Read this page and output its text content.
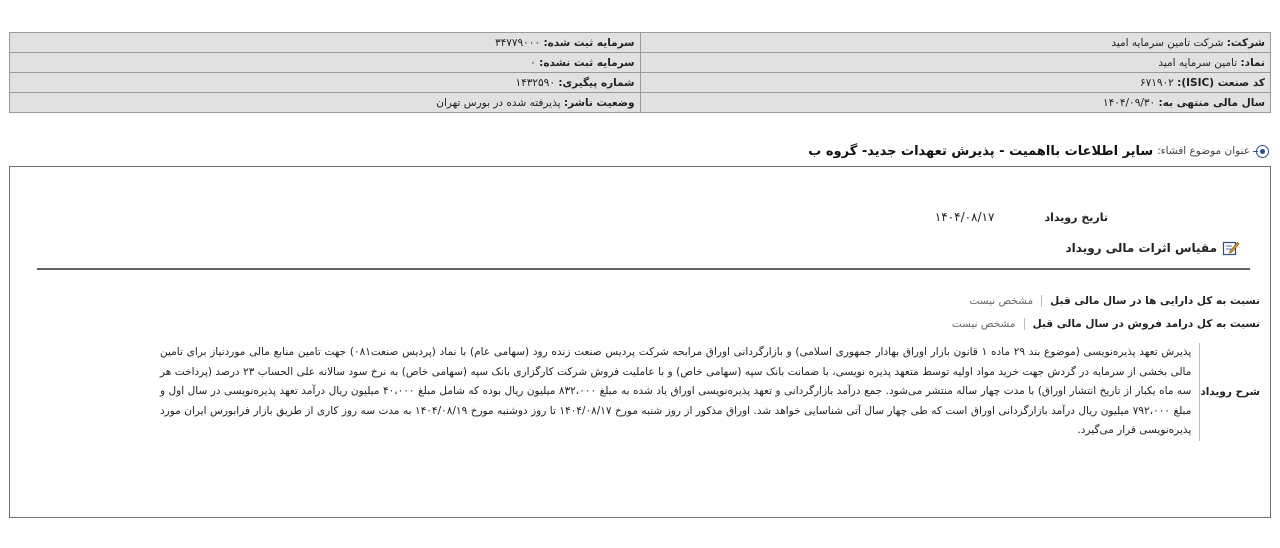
شرکت: شرکت تامین سرمایه امید	سرمایه ثبت شده: ۳۴۷۷۹۰۰۰
نماد: تامین سرمایه امید	سرمایه ثبت نشده: ۰
کد صنعت (ISIC): ۶۷۱۹۰۲	شماره پیگیری: ۱۴۳۲۵۹۰
سال مالی منتهی به: ۱۴۰۴/۰۹/۳۰	وضعیت ناشر: پذیرفته شده در بورس تهران
عنوان موضوع افشاء:
سایر اطلاعات بااهمیت - پذیرش تعهدات جدید- گروه ب
تاریخ رویداد
۱۴۰۴/۰۸/۱۷
مقیاس اثرات مالی رویداد
نسبت به کل دارایی ها در سال مالی قبل
مشخص نیست
نسبت به کل درامد فروش در سال مالی قبل
مشخص نیست
شرح رویداد
پذیرش تعهد پذیره‌نویسی (موضوع بند ۲۹ ماده ۱ قانون بازار اوراق بهادار جمهوری اسلامی) و بازارگردانی اوراق مرابحه شرکت پردیس صنعت زنده رود (سهامی عام) با نماد (پردیس صنعت۰۸۱) جهت تامین منابع مالی موردنیاز برای تامین مالی بخشی از سرمایه در گردش جهت خرید مواد اولیه توسط متعهد پذیره نویسی، با ضمانت بانک سپه (سهامی خاص) و با عاملیت فروش شرکت کارگزاری بانک سپه (سهامی خاص) به نرخ سود سالانه علی الحساب ۲۳ درصد (پرداخت هر سه ماه یکبار از تاریخ انتشار اوراق) با مدت چهار ساله منتشر می‌شود. جمع درآمد بازارگردانی و تعهد پذیره‌نویسی اوراق یاد شده به مبلغ ۸۳۲،۰۰۰ میلیون ریال بوده که شامل مبلغ ۴۰،۰۰۰ میلیون ریال درآمد تعهد پذیره‌نویسی در سال اول و مبلغ ۷۹۲،۰۰۰ میلیون ریال درآمد بازارگردانی اوراق است که طی چهار سال آتی شناسایی خواهد شد. اوراق مذکور از روز شنبه مورخ ۱۴۰۴/۰۸/۱۷ تا روز دوشنبه مورخ ۱۴۰۴/۰۸/۱۹ به مدت سه روز کاری از طریق بازار فرابورس ایران مورد پذیره‌نویسی قرار می‌گیرد.
